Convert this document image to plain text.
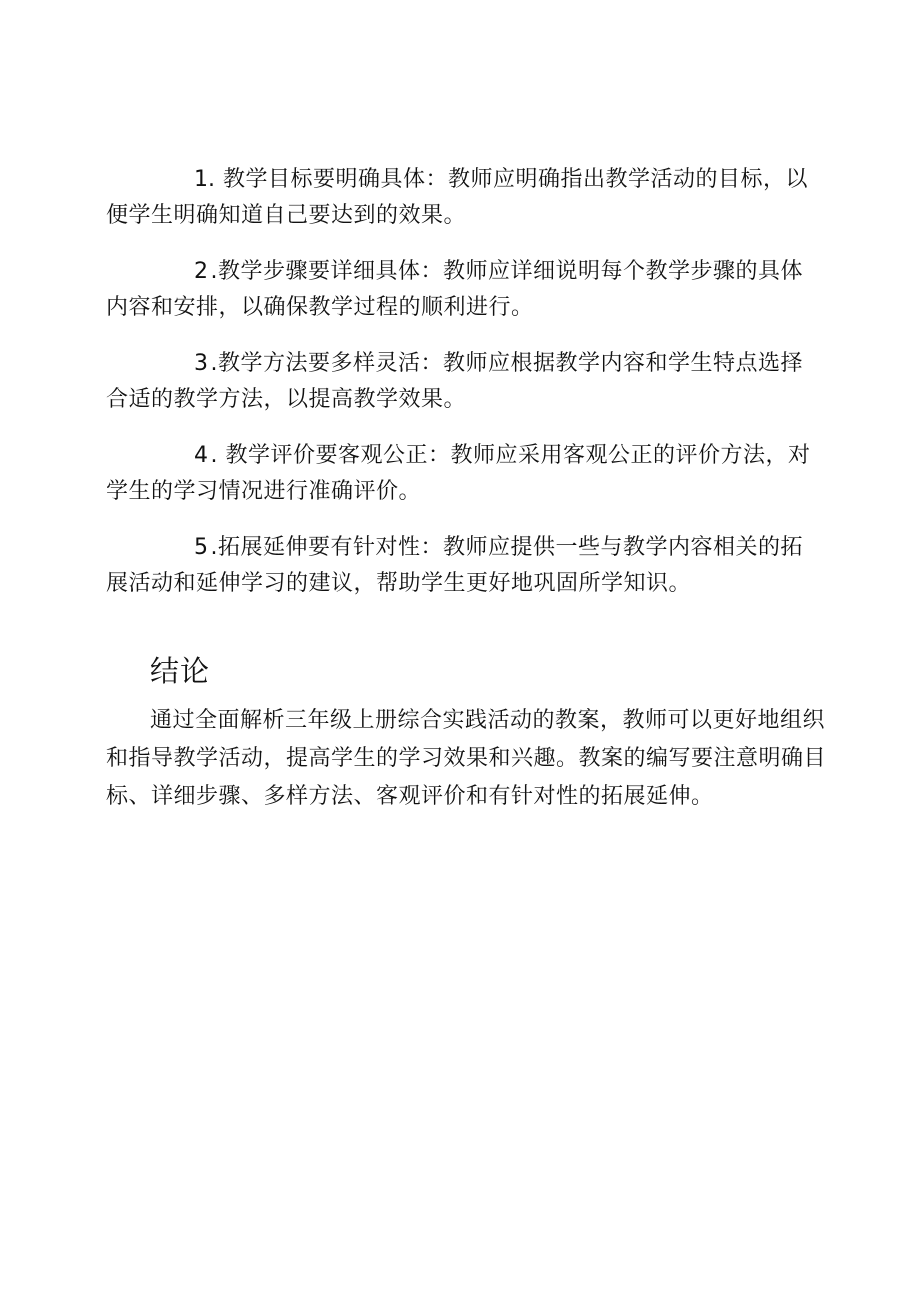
1. 教学目标要明确具体：教师应明确指出教学活动的目标，以便学生明确知道自己要达到的效果。

2.教学步骤要详细具体：教师应详细说明每个教学步骤的具体内容和安排，以确保教学过程的顺利进行。

3.教学方法要多样灵活：教师应根据教学内容和学生特点选择合适的教学方法，以提高教学效果。

4. 教学评价要客观公正：教师应采用客观公正的评价方法，对学生的学习情况进行准确评价。

5.拓展延伸要有针对性：教师应提供一些与教学内容相关的拓展活动和延伸学习的建议，帮助学生更好地巩固所学知识。

结论

通过全面解析三年级上册综合实践活动的教案，教师可以更好地组织和指导教学活动，提高学生的学习效果和兴趣。教案的编写要注意明确目标、详细步骤、多样方法、客观评价和有针对性的拓展延伸。
